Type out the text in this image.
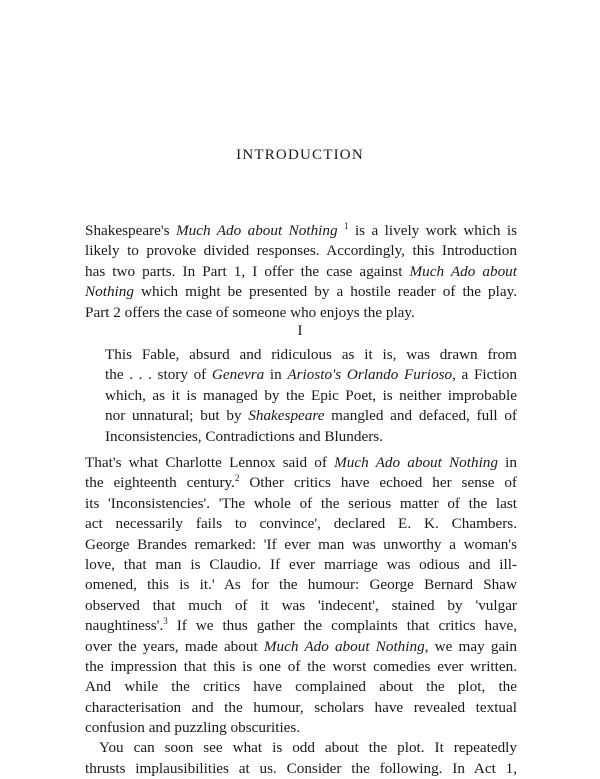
INTRODUCTION
Shakespeare's Much Ado about Nothing $^1$ is a lively work which is
likely to provoke divided responses. Accordingly, this Introduction
has two parts. In Part 1, I offer the case against Much Ado about
Nothing which might be presented by a hostile reader of the play.
Part 2 offers the case of someone who enjoys the play.
I
This Fable, absurd and ridiculous as it is, was drawn from
the . . . story of Genevra in Ariosto's Orlando Furioso, a Fiction
which, as it is managed by the Epic Poet, is neither improbable
nor unnatural; but by Shakespeare mangled and defaced, full of
Inconsistencies, Contradictions and Blunders.
That's what Charlotte Lennox said of Much Ado about Nothing in
the eighteenth century.$^2$ Other critics have echoed her sense of
its 'Inconsistencies'. 'The whole of the serious matter of the last
act necessarily fails to convince', declared E. K. Chambers.
George Brandes remarked: 'If ever man was unworthy a woman's
love, that man is Claudio. If ever marriage was odious and ill-
omened, this is it.' As for the humour: George Bernard Shaw
observed that much of it was 'indecent', stained by 'vulgar
naughtiness'.$^3$ If we thus gather the complaints that critics have,
over the years, made about Much Ado about Nothing, we may gain
the impression that this is one of the worst comedies ever written.
And while the critics have complained about the plot, the
characterisation and the humour, scholars have revealed textual
confusion and puzzling obscurities.
You can soon see what is odd about the plot. It repeatedly
thrusts implausibilities at us. Consider the following. In Act 1,
